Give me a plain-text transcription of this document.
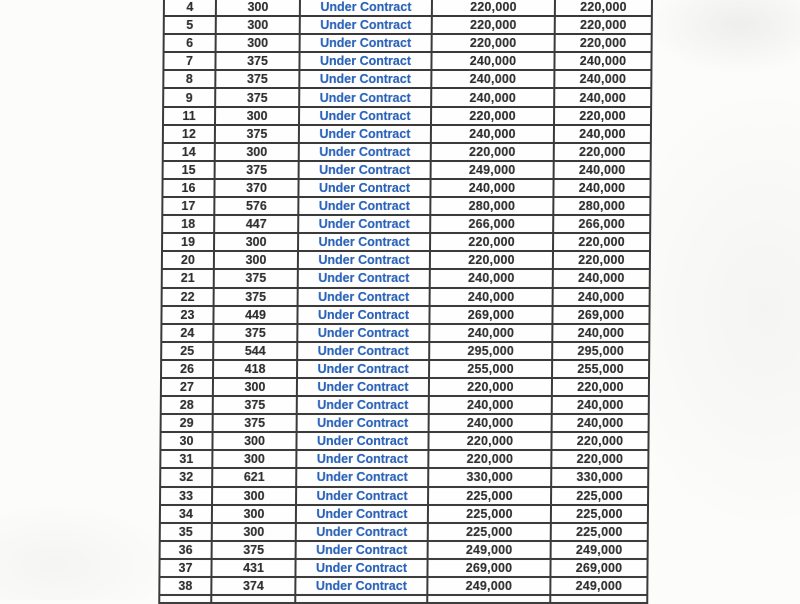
4	300	Under Contract	220,000	220,000
5	300	Under Contract	220,000	220,000
6	300	Under Contract	220,000	220,000
7	375	Under Contract	240,000	240,000
8	375	Under Contract	240,000	240,000
9	375	Under Contract	240,000	240,000
11	300	Under Contract	220,000	220,000
12	375	Under Contract	240,000	240,000
14	300	Under Contract	220,000	220,000
15	375	Under Contract	249,000	240,000
16	370	Under Contract	240,000	240,000
17	576	Under Contract	280,000	280,000
18	447	Under Contract	266,000	266,000
19	300	Under Contract	220,000	220,000
20	300	Under Contract	220,000	220,000
21	375	Under Contract	240,000	240,000
22	375	Under Contract	240,000	240,000
23	449	Under Contract	269,000	269,000
24	375	Under Contract	240,000	240,000
25	544	Under Contract	295,000	295,000
26	418	Under Contract	255,000	255,000
27	300	Under Contract	220,000	220,000
28	375	Under Contract	240,000	240,000
29	375	Under Contract	240,000	240,000
30	300	Under Contract	220,000	220,000
31	300	Under Contract	220,000	220,000
32	621	Under Contract	330,000	330,000
33	300	Under Contract	225,000	225,000
34	300	Under Contract	225,000	225,000
35	300	Under Contract	225,000	225,000
36	375	Under Contract	249,000	249,000
37	431	Under Contract	269,000	269,000
38	374	Under Contract	249,000	249,000
